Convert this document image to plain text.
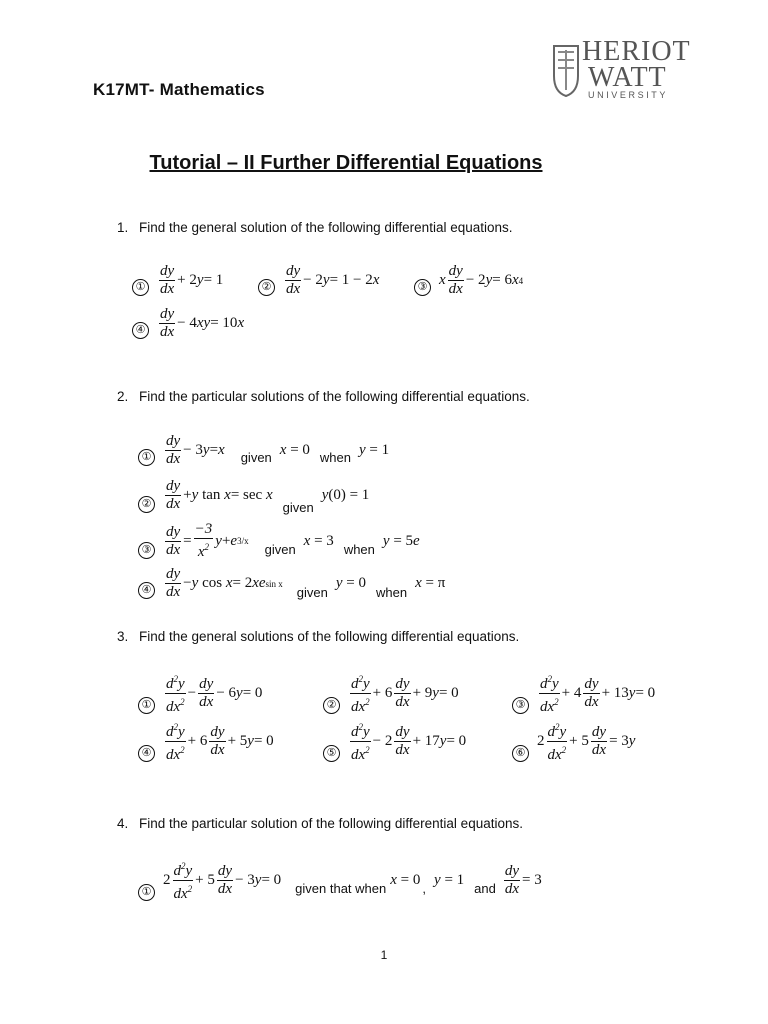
K17MT- Mathematics
HERIOT
WATT
UNIVERSITY
Tutorial – II Further Differential Equations
1. Find the general solution of the following differential equations.
① $\frac{dy}{dx} + 2$ y = 1	② $\frac{dy}{dx} - 2$ y = 1 − 2 x	③ x $\frac{dy}{dx} - 2$ y = 6 x 4
④ $\frac{dy}{dx} - 4$ xy = 10 x
2. Find the particular solutions of the following differential equations.
① $\frac{dy}{dx} - 3$ y = x given x = 0 when y = 1
② $\frac{dy}{dx} + y$ tan x = sec x
given
y (0) = 1
③ $\frac{dy}{dx} = \frac{-3}{x^2}$ y + e 3/x
given
x = 3
when
y = 5 e
④ $\frac{dy}{dx} - y$ cos x = 2 xe sin x
given
y = 0
when
x = π
3. Find the general solutions of the following differential equations.
① $\frac{d^2y}{dx^2} - \frac{dy}{dx} - 6$ y = 0
② $\frac{d^2y}{dx^2} + 6 \frac{dy}{dx} + 9$ y = 0
③ $\frac{d^2y}{dx^2} + 4 \frac{dy}{dx} + 13$ y = 0
④ $\frac{d^2y}{dx^2} + 6 \frac{dy}{dx} + 5$ y = 0
⑤ $\frac{d^2y}{dx^2} - 2 \frac{dy}{dx} + 17$ y = 0
⑥
$2 \frac{d^2y}{dx^2} + 5 \frac{dy}{dx} = 3$ y
4. Find the particular solution of the following differential equations.
①
$2 \frac{d^2y}{dx^2} + 5 \frac{dy}{dx} - 3$ y = 0
given that when
x = 0
,
y = 1
and $\frac{dy}{dx} = 3$
1
